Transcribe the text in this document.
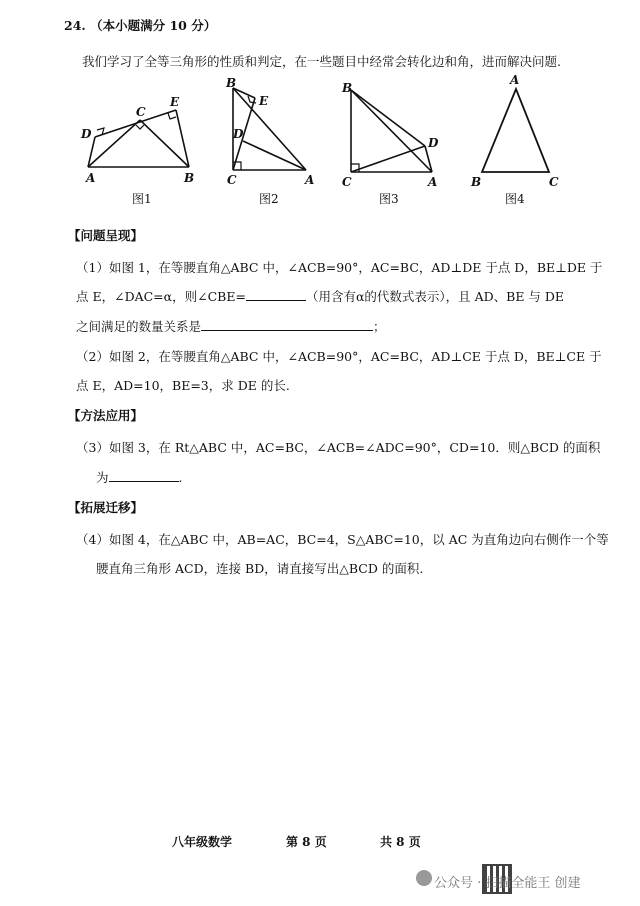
24. （本小题满分 10 分）
我们学习了全等三角形的性质和判定，在一些题目中经常会转化边和角，进而解决问题.
D
C
E
A	B
B
E
D
C	A
B
D
C	A
A
B	C
图1	图2	图3	图4
【问题呈现】
（1）如图 1，在等腰直角△ABC 中，∠ACB=90°，AC=BC，AD⊥DE 于点 D，BE⊥DE 于
点 E，∠DAC=α，则∠CBE=	（用含有α的代数式表示），且 AD、BE 与 DE
之间满足的数量关系是	；
（2）如图 2，在等腰直角△ABC 中，∠ACB=90°，AC=BC，AD⊥CE 于点 D，BE⊥CE 于
点 E，AD=10，BE=3，求 DE 的长.
【方法应用】
（3）如图 3，在 Rt△ABC 中，AC=BC，∠ACB=∠ADC=90°，CD=10．则△BCD 的面积
为	.
【拓展迁移】
（4）如图 4，在△ABC 中，AB=AC，BC=4，S△ABC=10，以 AC 为直角边向右侧作一个等
腰直角三角形 ACD，连接 BD，请直接写出△BCD 的面积.
八年级数学	第 8 页	共 8 页
公众号 · 扫描全能王 创建
